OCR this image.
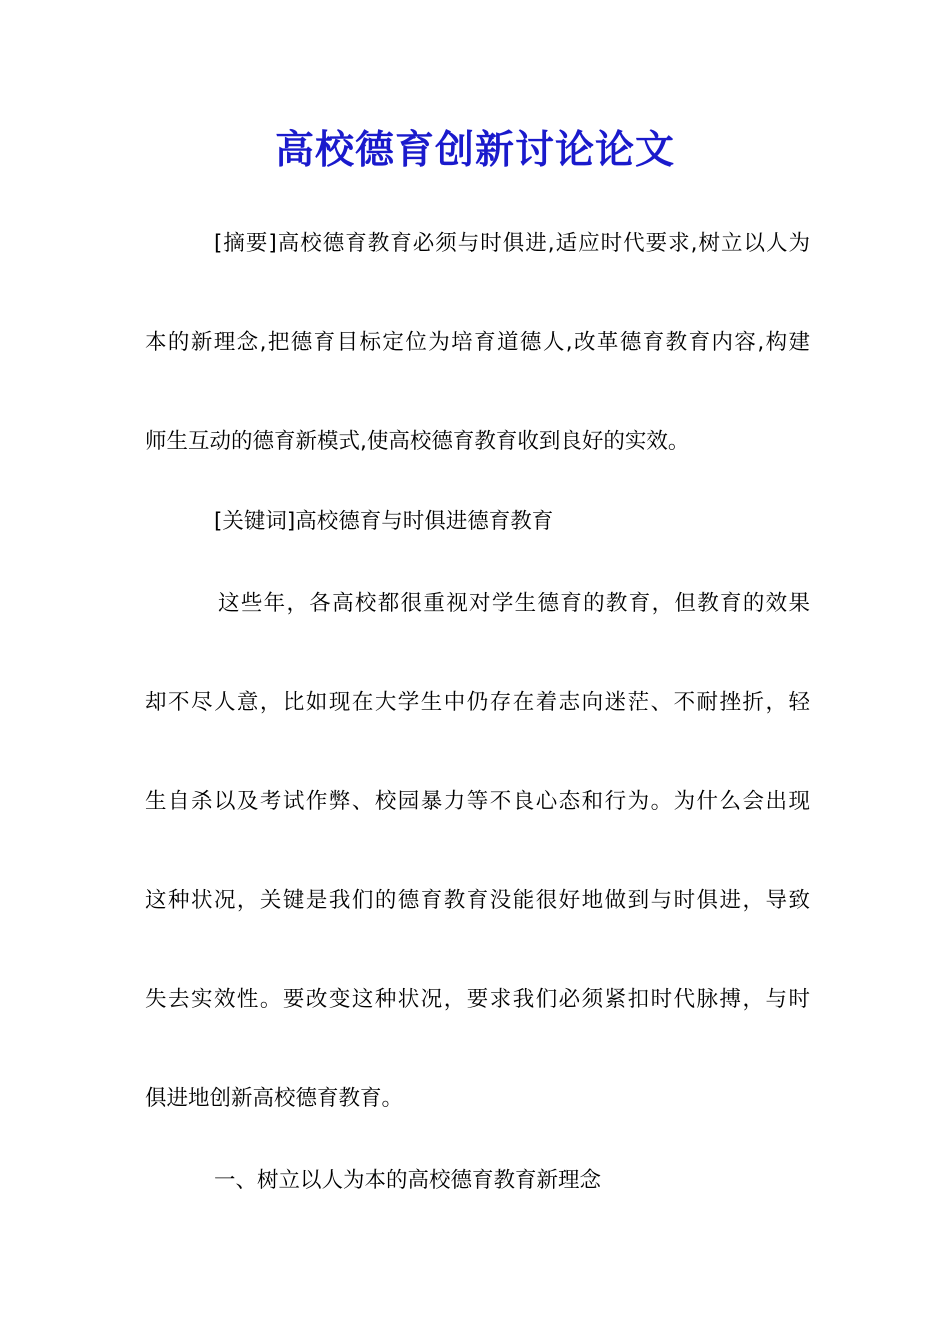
高校德育创新讨论论文
[摘要]高校德育教育必须与时俱进,适应时代要求,树立以人为
本的新理念,把德育目标定位为培育道德人,改革德育教育内容,构建
师生互动的德育新模式,使高校德育教育收到良好的实效。
[关键词]高校德育与时俱进德育教育
这些年，各高校都很重视对学生德育的教育，但教育的效果
却不尽人意，比如现在大学生中仍存在着志向迷茫、不耐挫折，轻
生自杀以及考试作弊、校园暴力等不良心态和行为。为什么会出现
这种状况，关键是我们的德育教育没能很好地做到与时俱进，导致
失去实效性。要改变这种状况，要求我们必须紧扣时代脉搏，与时
俱进地创新高校德育教育。
一、树立以人为本的高校德育教育新理念
